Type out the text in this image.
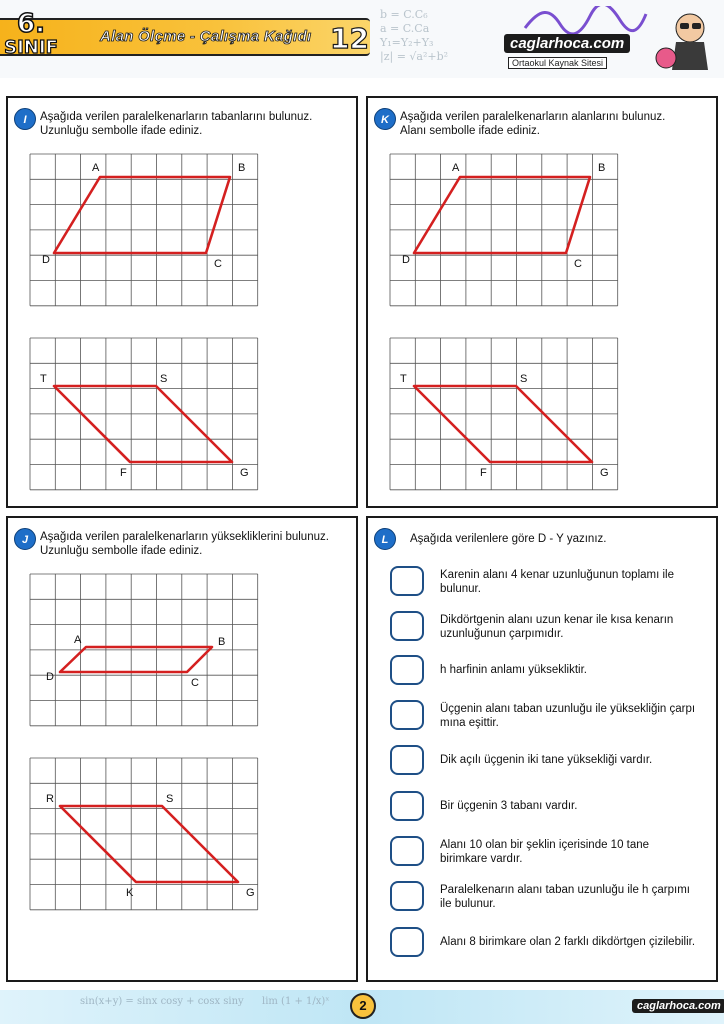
6.
SINIF
Alan Ölçme - Çalışma Kağıdı 12
b = C.C₆
a = C.Ca
Y₁=Y₂+Y₃
|z| = √a²+b²
caglarhoca.com
Ortaokul Kaynak Sitesi
I	Aşağıda verilen paralelkenarların tabanlarını bulunuz.
Uzunluğu sembolle ifade ediniz.
A	B
C
D
T	S
G
F
K Aşağıda verilen paralelkenarların alanlarını bulunuz.
Alanı sembolle ifade ediniz.
A	B
C
D
T	S
G
F
J	Aşağıda verilen paralelkenarların yüksekliklerini bulunuz.
Uzunluğu sembolle ifade ediniz.
A	B
C
D
R	S
G
K
L	Aşağıda verilenlere göre D - Y yazınız.
Karenin alanı 4 kenar uzunluğunun toplamı ile
bulunur.
Dikdörtgenin alanı uzun kenar ile kısa kenarın
uzunluğunun çarpımıdır.
h harfinin anlamı yüksekliktir.
Üçgenin alanı taban uzunluğu ile yüksekliğin çarpı
mına eşittir.
Dik açılı üçgenin iki tane yüksekliği vardır.
Bir üçgenin 3 tabanı vardır.
Alanı 10 olan bir şeklin içerisinde 10 tane
birimkare vardır.
Paralelkenarın alanı taban uzunluğu ile h çarpımı
ile bulunur.
Alanı 8 birimkare olan 2 farklı dikdörtgen çizilebilir.
sin(x+y) = sinx cosy + cosx siny lim (1 + 1/x)ˣ	2	caglarhoca.com
